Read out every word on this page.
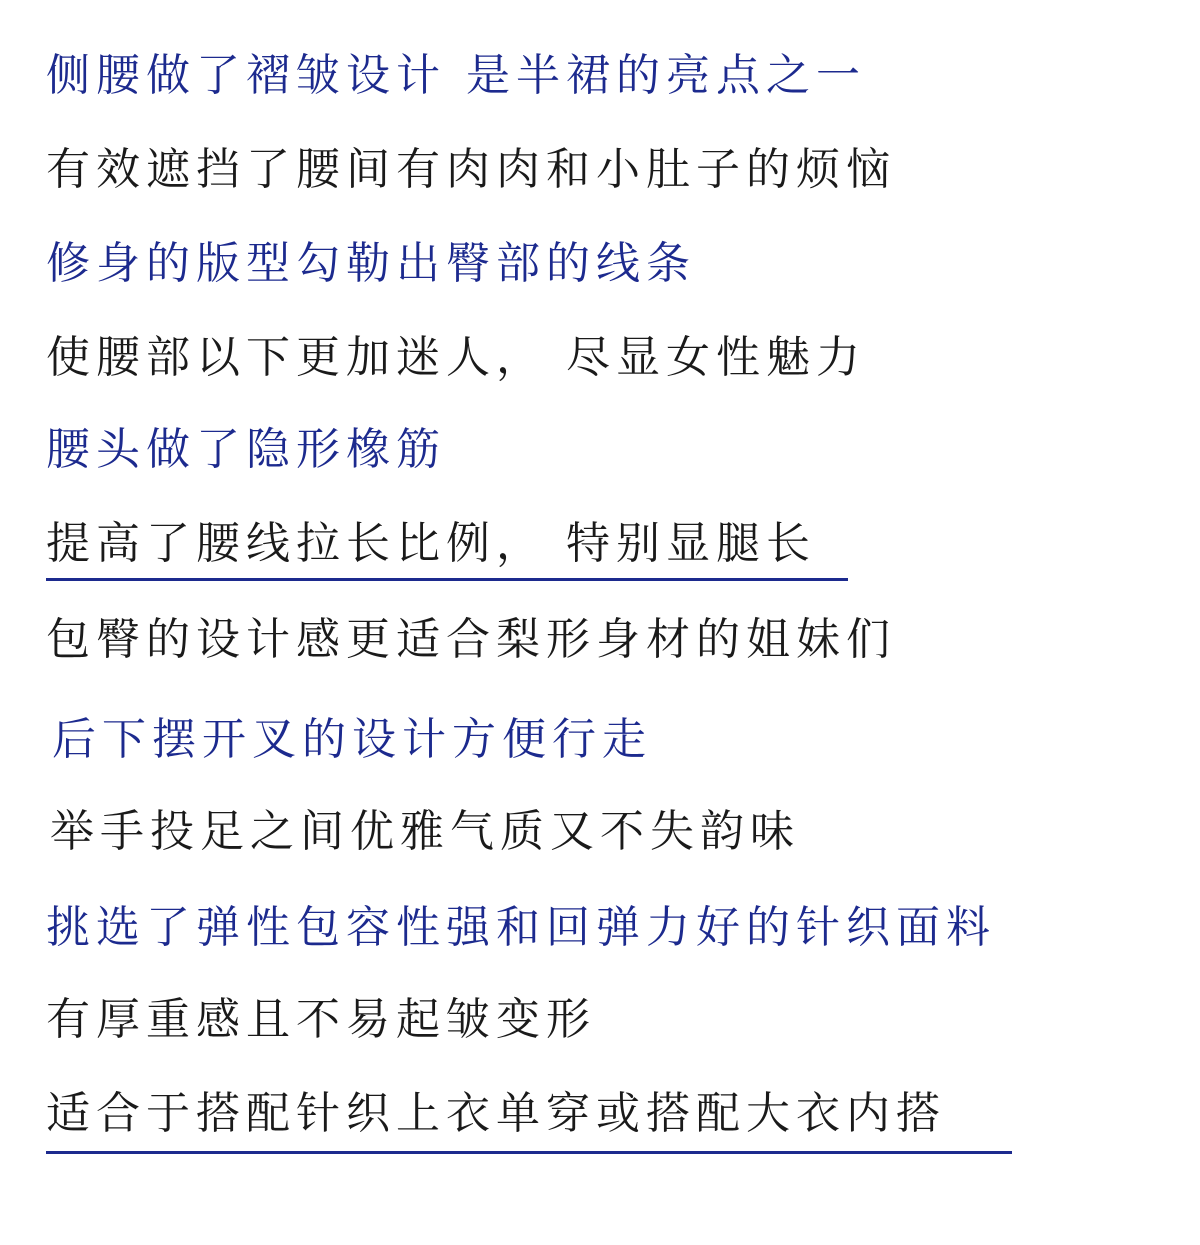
侧腰做了褶皱设计 是半裙的亮点之一
有效遮挡了腰间有肉肉和小肚子的烦恼
修身的版型勾勒出臀部的线条
使腰部以下更加迷人， 尽显女性魅力
腰头做了隐形橡筋
提高了腰线拉长比例， 特别显腿长
包臀的设计感更适合梨形身材的姐妹们
后下摆开叉的设计方便行走
举手投足之间优雅气质又不失韵味
挑选了弹性包容性强和回弹力好的针织面料
有厚重感且不易起皱变形
适合于搭配针织上衣单穿或搭配大衣内搭
